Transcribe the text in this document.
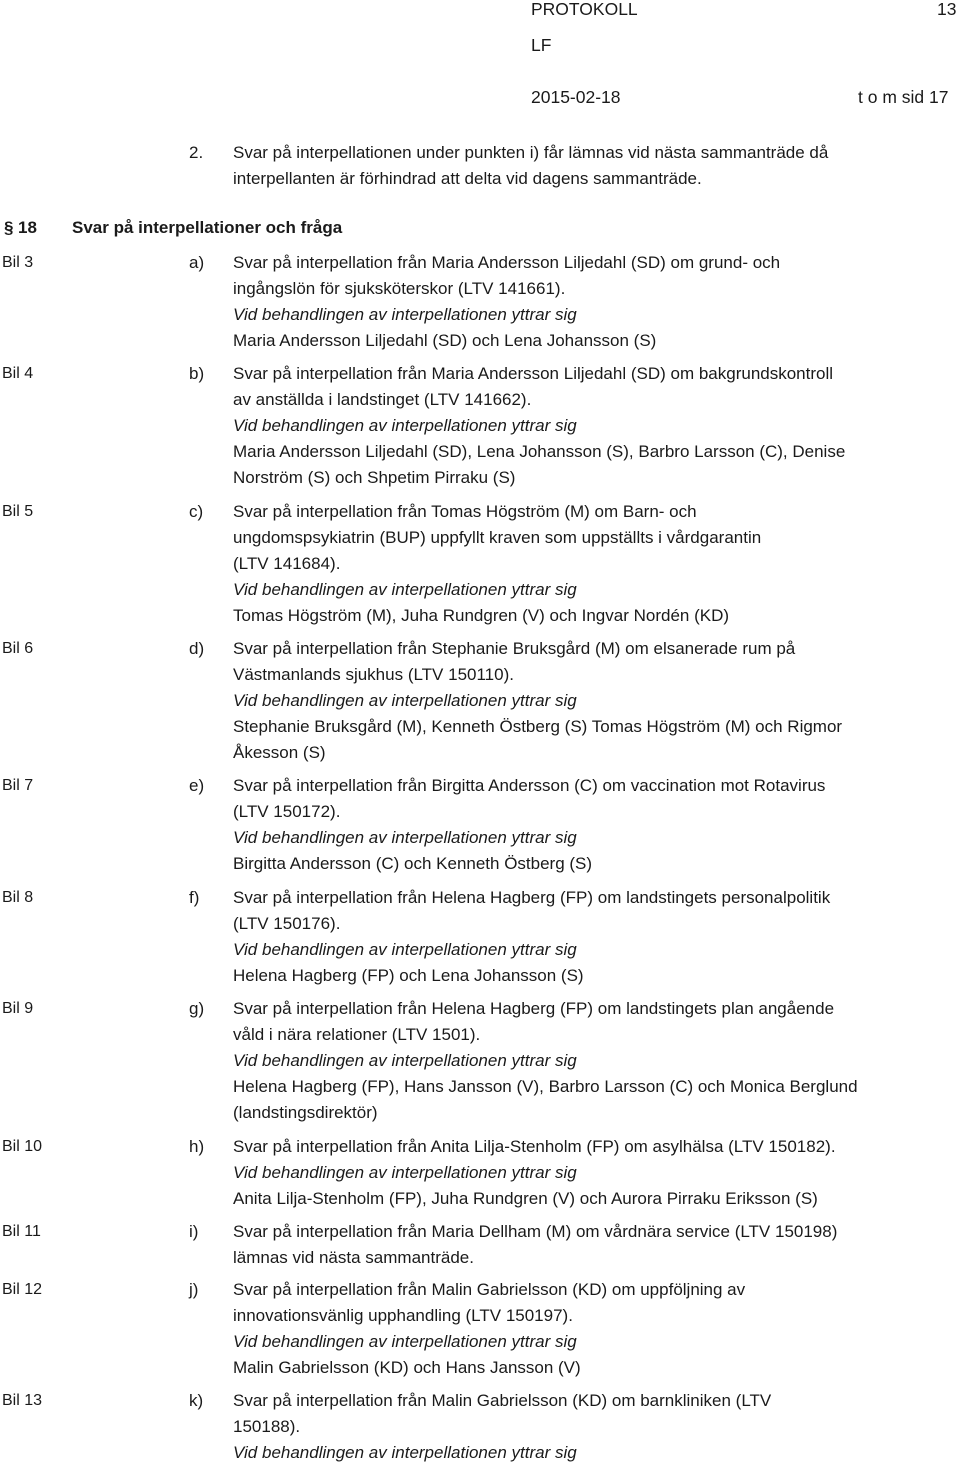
PROTOKOLL	13
LF
2015-02-18	t o m sid 17
2. Svar på interpellationen under punkten i) får lämnas vid nästa sammanträde då
interpellanten är förhindrad att delta vid dagens sammanträde.
§ 18 Svar på interpellationer och fråga
Bil 3	a) Svar på interpellation från Maria Andersson Liljedahl (SD) om grund- och
ingångslön för sjuksköterskor (LTV 141661).
Vid behandlingen av interpellationen yttrar sig
Maria Andersson Liljedahl (SD) och Lena Johansson (S)
Bil 4	b) Svar på interpellation från Maria Andersson Liljedahl (SD) om bakgrundskontroll
av anställda i landstinget (LTV 141662).
Vid behandlingen av interpellationen yttrar sig
Maria Andersson Liljedahl (SD), Lena Johansson (S), Barbro Larsson (C), Denise
Norström (S) och Shpetim Pirraku (S)
Bil 5	c) Svar på interpellation från Tomas Högström (M) om Barn- och
ungdomspsykiatrin (BUP) uppfyllt kraven som uppställts i vårdgarantin
(LTV 141684).
Vid behandlingen av interpellationen yttrar sig
Tomas Högström (M), Juha Rundgren (V) och Ingvar Nordén (KD)
Bil 6	d) Svar på interpellation från Stephanie Bruksgård (M) om elsanerade rum på
Västmanlands sjukhus (LTV 150110).
Vid behandlingen av interpellationen yttrar sig
Stephanie Bruksgård (M), Kenneth Östberg (S) Tomas Högström (M) och Rigmor
Åkesson (S)
Bil 7	e) Svar på interpellation från Birgitta Andersson (C) om vaccination mot Rotavirus
(LTV 150172).
Vid behandlingen av interpellationen yttrar sig
Birgitta Andersson (C) och Kenneth Östberg (S)
Bil 8	f) Svar på interpellation från Helena Hagberg (FP) om landstingets personalpolitik
(LTV 150176).
Vid behandlingen av interpellationen yttrar sig
Helena Hagberg (FP) och Lena Johansson (S)
Bil 9	g) Svar på interpellation från Helena Hagberg (FP) om landstingets plan angående
våld i nära relationer (LTV 1501).
Vid behandlingen av interpellationen yttrar sig
Helena Hagberg (FP), Hans Jansson (V), Barbro Larsson (C) och Monica Berglund
(landstingsdirektör)
Bil 10	h) Svar på interpellation från Anita Lilja-Stenholm (FP) om asylhälsa (LTV 150182).
Vid behandlingen av interpellationen yttrar sig
Anita Lilja-Stenholm (FP), Juha Rundgren (V) och Aurora Pirraku Eriksson (S)
Bil 11	i) Svar på interpellation från Maria Dellham (M) om vårdnära service (LTV 150198)
lämnas vid nästa sammanträde.
Bil 12	j) Svar på interpellation från Malin Gabrielsson (KD) om uppföljning av
innovationsvänlig upphandling (LTV 150197).
Vid behandlingen av interpellationen yttrar sig
Malin Gabrielsson (KD) och Hans Jansson (V)
Bil 13	k) Svar på interpellation från Malin Gabrielsson (KD) om barnkliniken (LTV
150188).
Vid behandlingen av interpellationen yttrar sig
